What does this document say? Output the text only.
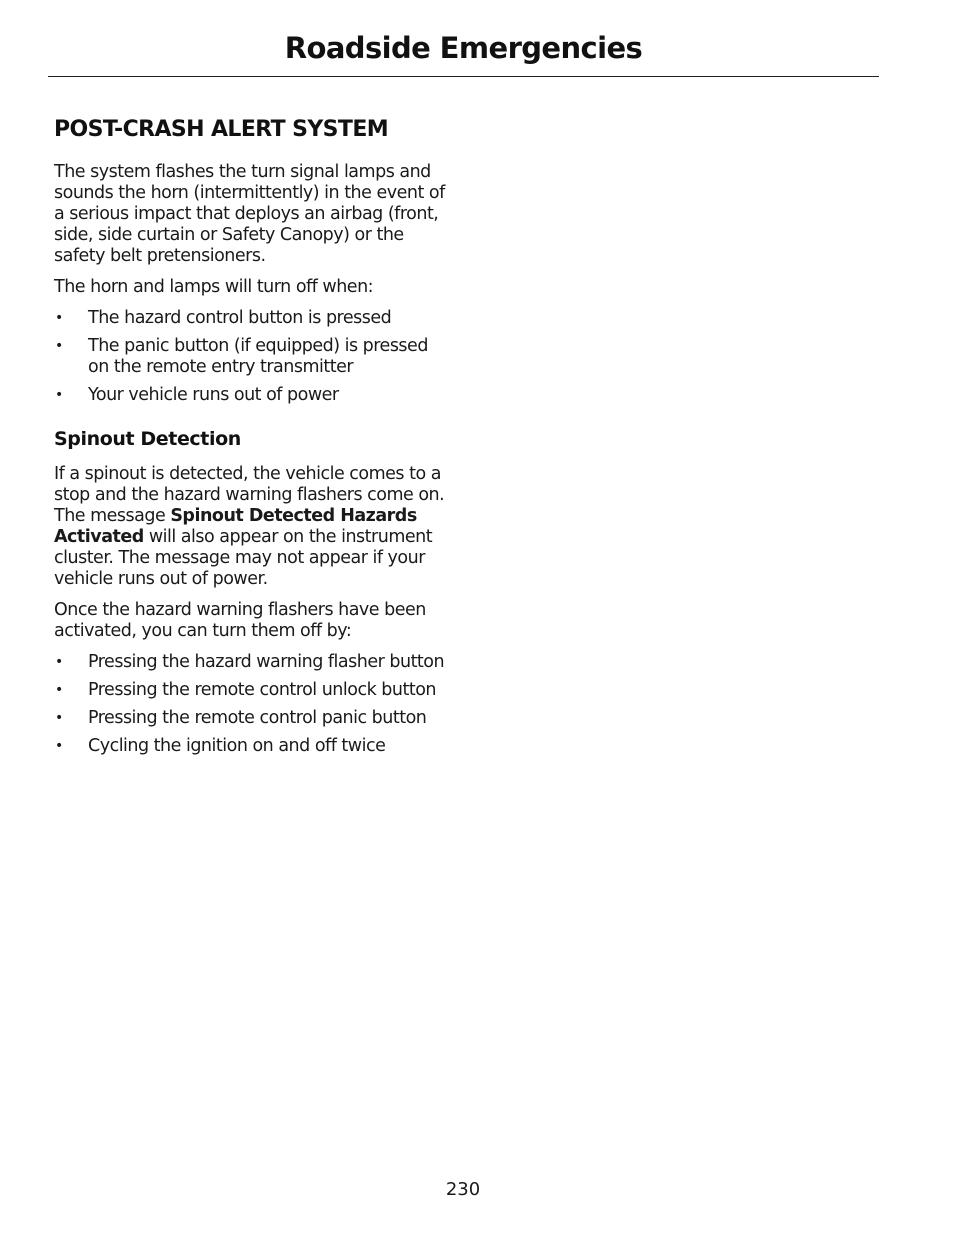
Roadside Emergencies
POST-CRASH ALERT SYSTEM

The system flashes the turn signal lamps and sounds the horn (intermittently) in the event of a serious impact that deploys an airbag (front, side, side curtain or Safety Canopy) or the safety belt pretensioners.

The horn and lamps will turn off when:

• The hazard control button is pressed
• The panic button (if equipped) is pressed on the remote entry transmitter
• Your vehicle runs out of power
Spinout Detection

If a spinout is detected, the vehicle comes to a stop and the hazard warning flashers come on. The message Spinout Detected Hazards Activated will also appear on the instrument cluster. The message may not appear if your vehicle runs out of power.

Once the hazard warning flashers have been activated, you can turn them off by:

• Pressing the hazard warning flasher button
• Pressing the remote control unlock button
• Pressing the remote control panic button
• Cycling the ignition on and off twice
230
